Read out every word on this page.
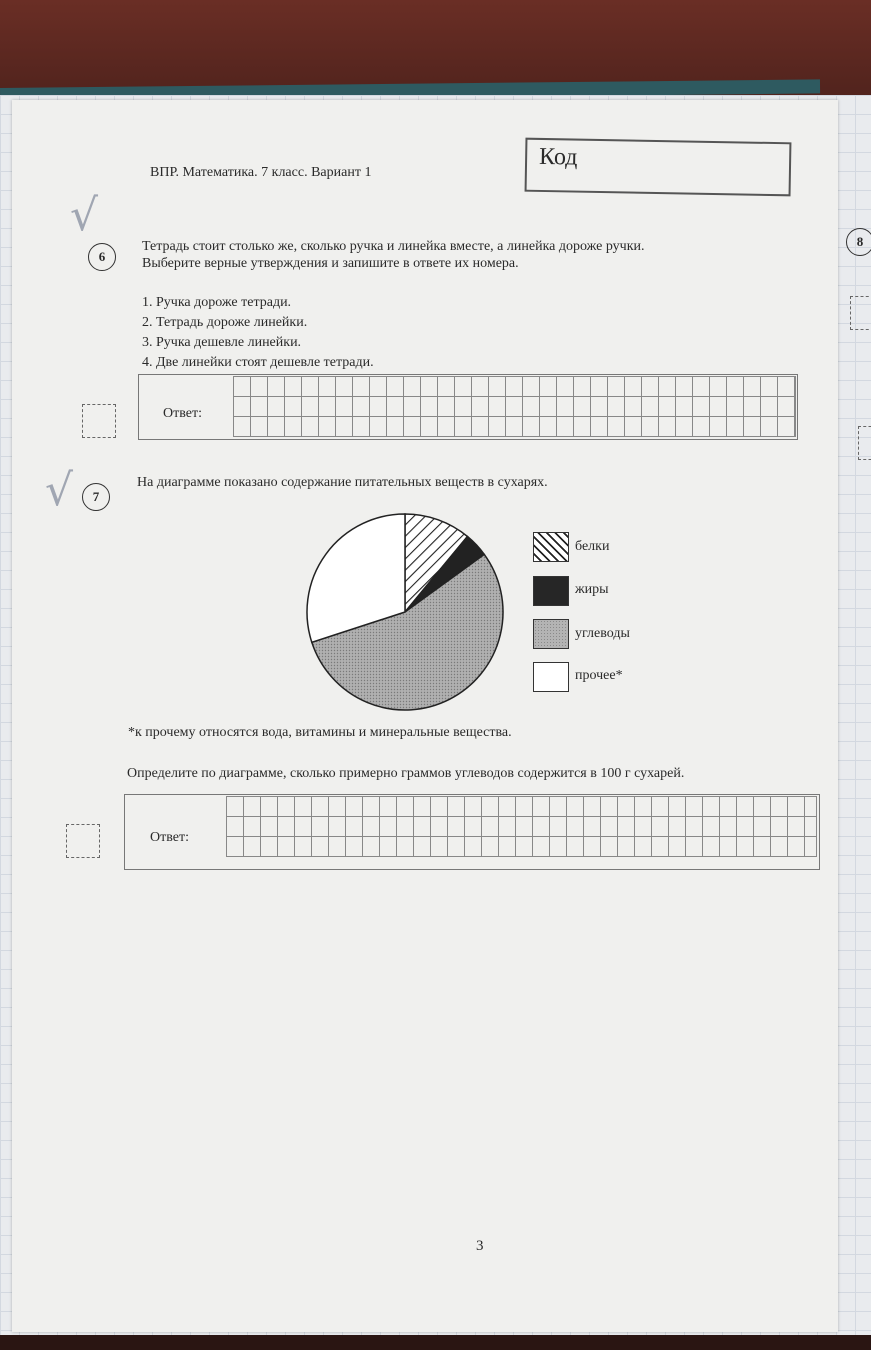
ВПР. Математика. 7 класс. Вариант 1
Код
√
√
6
Тетрадь стоит столько же, сколько ручка и линейка вместе, а линейка дороже ручки.
Выберите верные утверждения и запишите в ответе их номера.
1. Ручка дороже тетради.
2. Тетрадь дороже линейки.
3. Ручка дешевле линейки.
4. Две линейки стоят дешевле тетради.
Ответ:
7
На диаграмме показано содержание питательных веществ в сухарях.
белки
жиры
углеводы
прочее*
*к прочему относятся вода, витамины и минеральные вещества.
Определите по диаграмме, сколько примерно граммов углеводов содержится в 100 г сухарей.
Ответ:
3
8
